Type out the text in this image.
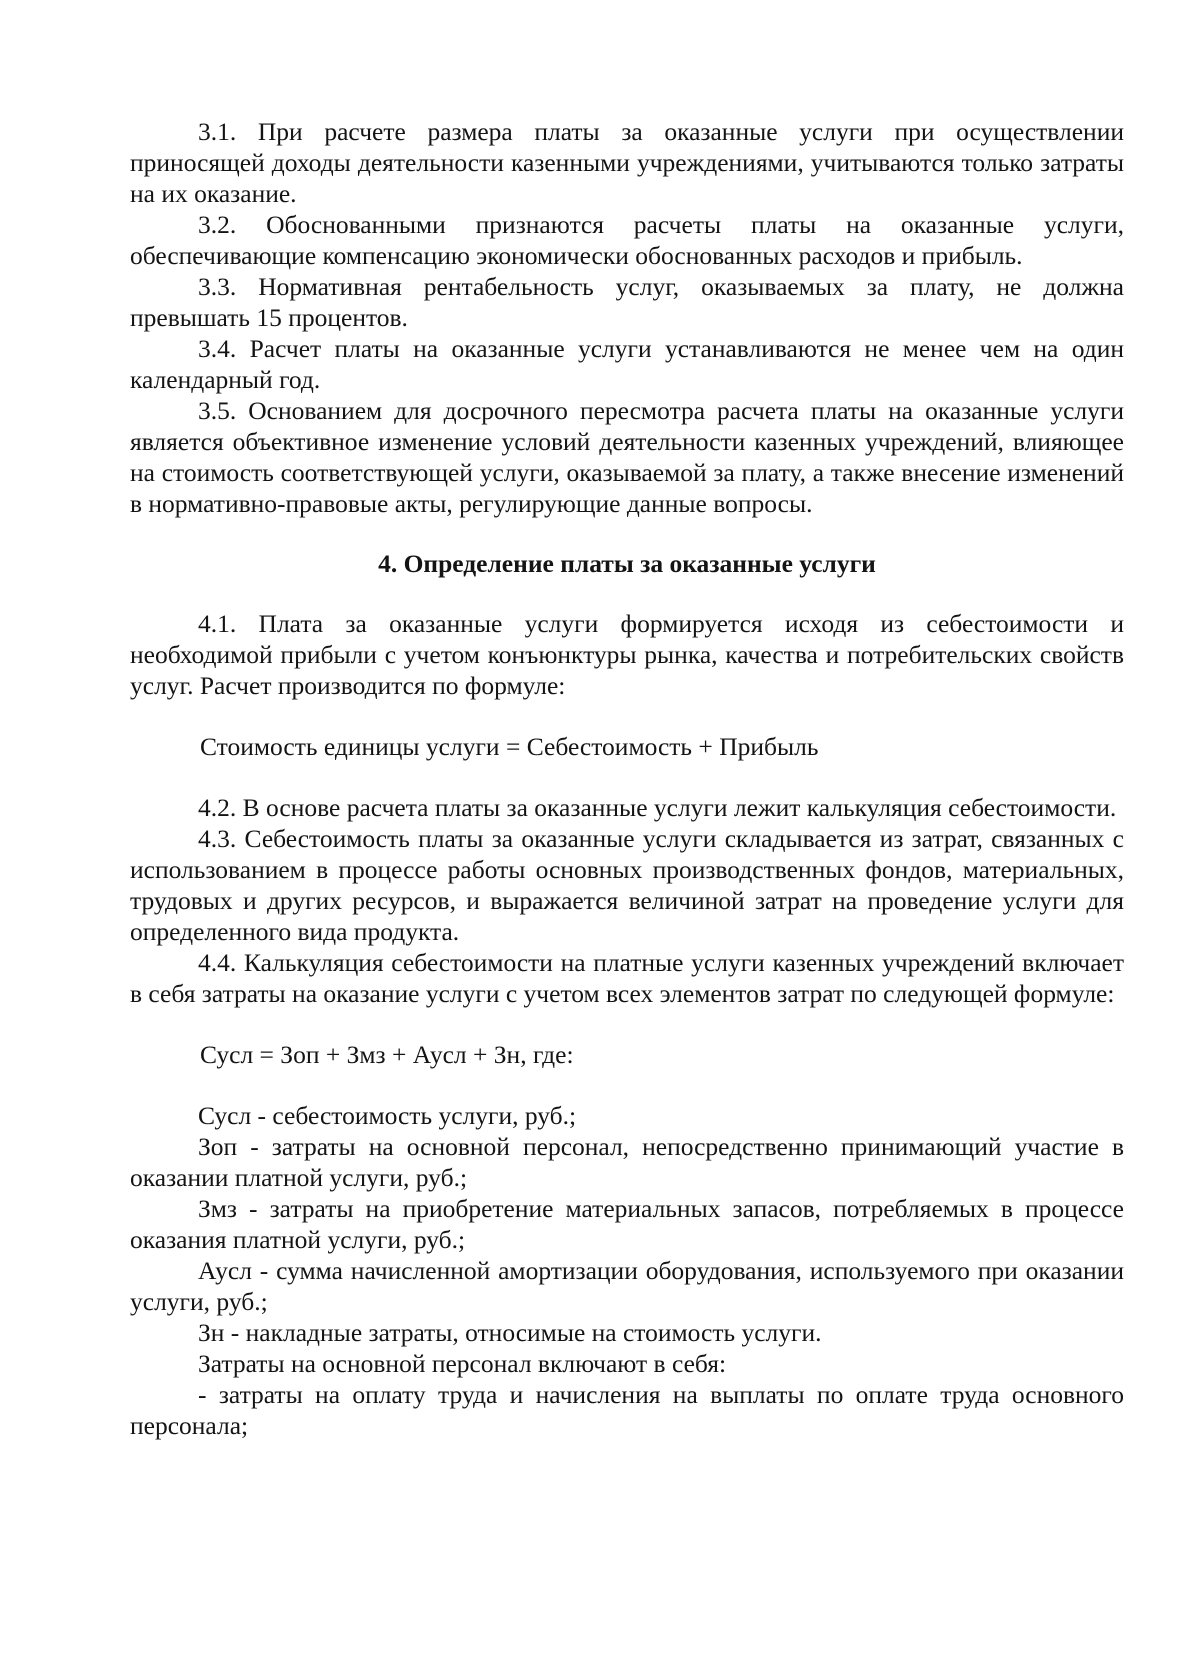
3.1. При расчете размера платы за оказанные услуги при осуществлении приносящей доходы деятельности казенными учреждениями, учитываются только затраты на их оказание.

3.2. Обоснованными признаются расчеты платы на оказанные услуги, обеспечивающие компенсацию экономически обоснованных расходов и прибыль.

3.3. Нормативная рентабельность услуг, оказываемых за плату, не должна превышать 15 процентов.

3.4. Расчет платы на оказанные услуги устанавливаются не менее чем на один календарный год.

3.5. Основанием для досрочного пересмотра расчета платы на оказанные услуги является объективное изменение условий деятельности казенных учреждений, влияющее на стоимость соответствующей услуги, оказываемой за плату, а также внесение изменений в нормативно-правовые акты, регулирующие данные вопросы.

4. Определение платы за оказанные услуги

4.1. Плата за оказанные услуги формируется исходя из себестоимости и необходимой прибыли с учетом конъюнктуры рынка, качества и потребительских свойств услуг. Расчет производится по формуле:

Стоимость единицы услуги = Себестоимость + Прибыль

4.2. В основе расчета платы за оказанные услуги лежит калькуляция себестоимости.

4.3. Себестоимость платы за оказанные услуги складывается из затрат, связанных с использованием в процессе работы основных производственных фондов, материальных, трудовых и других ресурсов, и выражается величиной затрат на проведение услуги для определенного вида продукта.

4.4. Калькуляция себестоимости на платные услуги казенных учреждений включает в себя затраты на оказание услуги с учетом всех элементов затрат по следующей формуле:

Сусл = Зоп + Змз + Аусл + Зн, где:

Сусл - себестоимость услуги, руб.;

Зоп - затраты на основной персонал, непосредственно принимающий участие в оказании платной услуги, руб.;

Змз - затраты на приобретение материальных запасов, потребляемых в процессе оказания платной услуги, руб.;

Аусл - сумма начисленной амортизации оборудования, используемого при оказании услуги, руб.;

Зн - накладные затраты, относимые на стоимость услуги.

Затраты на основной персонал включают в себя:

- затраты на оплату труда и начисления на выплаты по оплате труда основного персонала;
